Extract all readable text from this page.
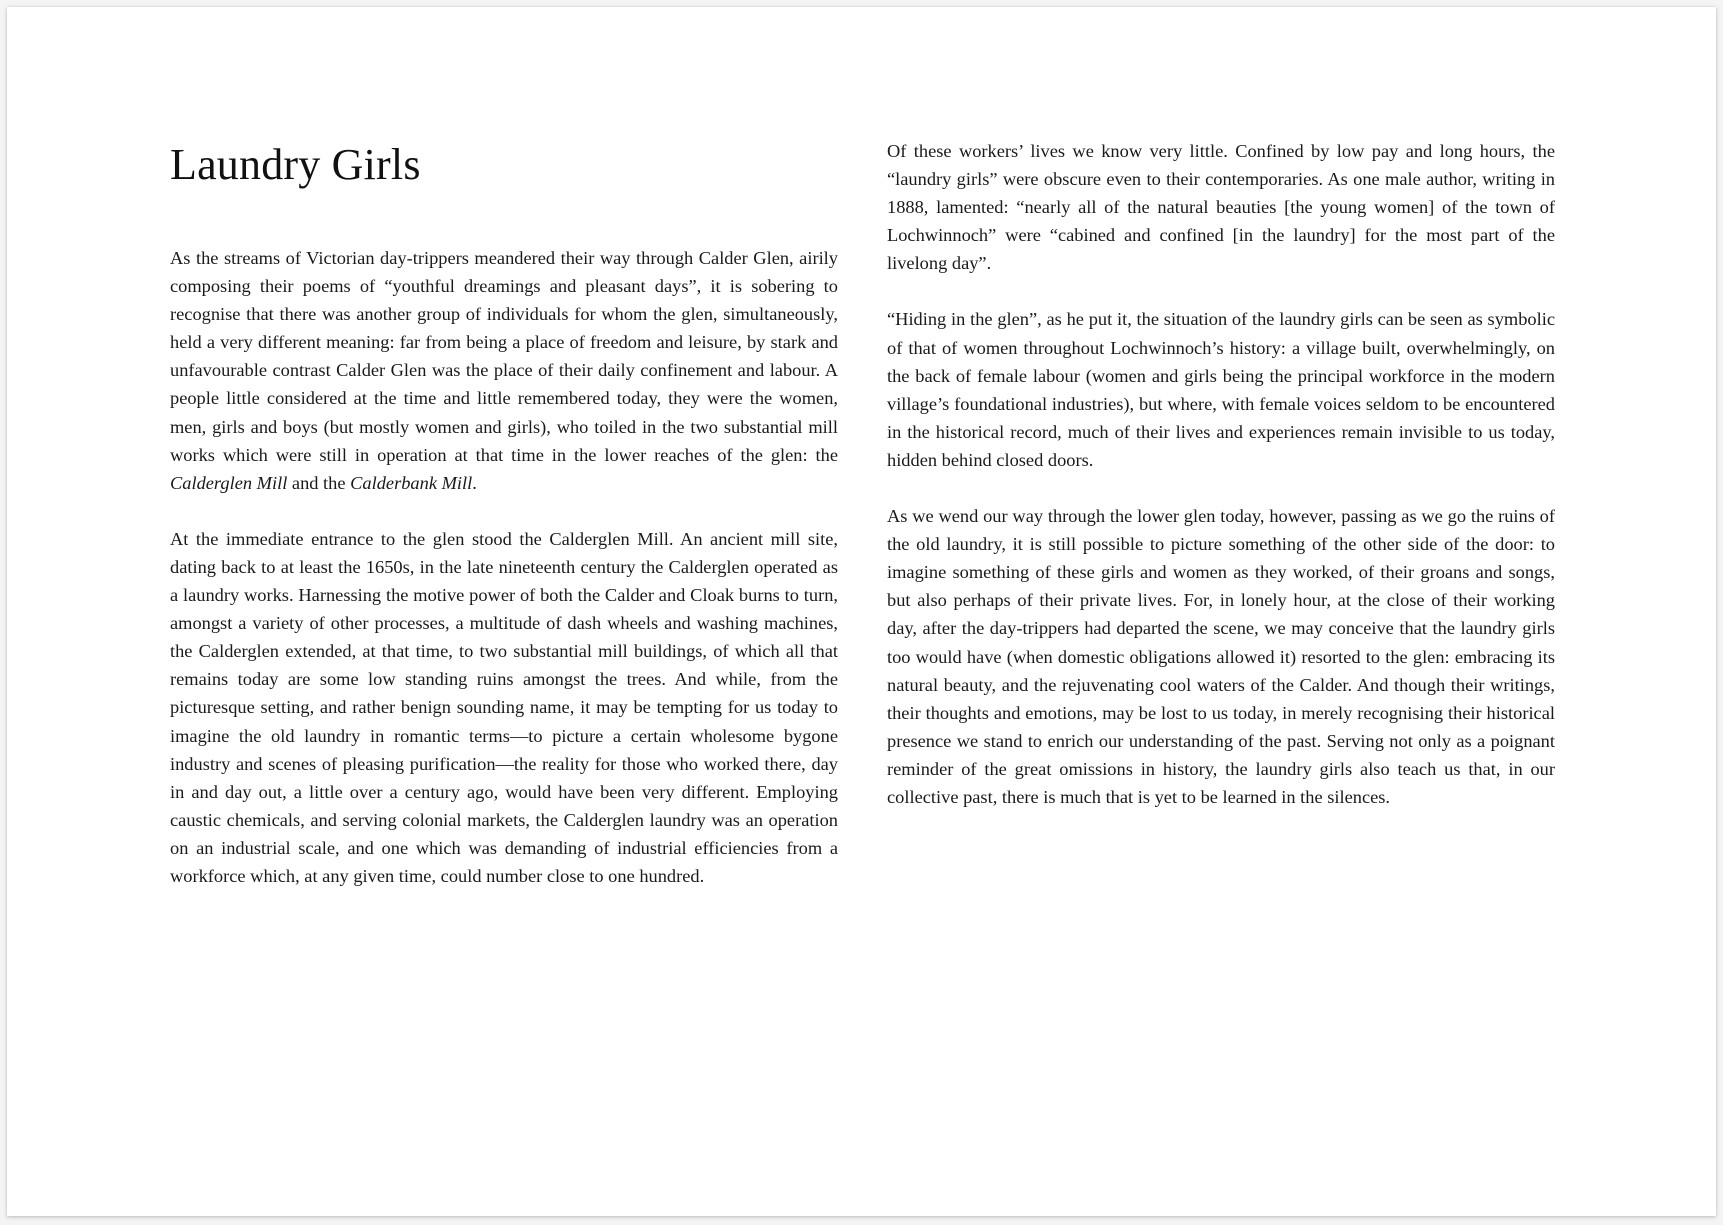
Laundry Girls

As the streams of Victorian day-trippers meandered their way through Calder Glen, airily composing their poems of “youthful dreamings and pleasant days”, it is sobering to recognise that there was another group of individuals for whom the glen, simultaneously, held a very different meaning: far from being a place of freedom and leisure, by stark and unfavourable contrast Calder Glen was the place of their daily confinement and labour. A people little considered at the time and little remembered today, they were the women, men, girls and boys (but mostly women and girls), who toiled in the two substantial mill works which were still in operation at that time in the lower reaches of the glen: the Calderglen Mill and the Calderbank Mill.

At the immediate entrance to the glen stood the Calderglen Mill. An ancient mill site, dating back to at least the 1650s, in the late nineteenth century the Calderglen operated as a laundry works. Harnessing the motive power of both the Calder and Cloak burns to turn, amongst a variety of other processes, a multitude of dash wheels and washing machines, the Calderglen extended, at that time, to two substantial mill buildings, of which all that remains today are some low standing ruins amongst the trees. And while, from the picturesque setting, and rather benign sounding name, it may be tempting for us today to imagine the old laundry in romantic terms—to picture a certain wholesome bygone industry and scenes of pleasing purification—the reality for those who worked there, day in and day out, a little over a century ago, would have been very different. Employing caustic chemicals, and serving colonial markets, the Calderglen laundry was an operation on an industrial scale, and one which was demanding of industrial efficiencies from a workforce which, at any given time, could number close to one hundred.

Of these workers’ lives we know very little. Confined by low pay and long hours, the “laundry girls” were obscure even to their contemporaries. As one male author, writing in 1888, lamented: “nearly all of the natural beauties [the young women] of the town of Lochwinnoch” were “cabined and confined [in the laundry] for the most part of the livelong day”.

“Hiding in the glen”, as he put it, the situation of the laundry girls can be seen as symbolic of that of women throughout Lochwinnoch’s history: a village built, overwhelmingly, on the back of female labour (women and girls being the principal workforce in the modern village’s foundational industries), but where, with female voices seldom to be encountered in the historical record, much of their lives and experiences remain invisible to us today, hidden behind closed doors.

As we wend our way through the lower glen today, however, passing as we go the ruins of the old laundry, it is still possible to picture something of the other side of the door: to imagine something of these girls and women as they worked, of their groans and songs, but also perhaps of their private lives. For, in lonely hour, at the close of their working day, after the day-trippers had departed the scene, we may conceive that the laundry girls too would have (when domestic obligations allowed it) resorted to the glen: embracing its natural beauty, and the rejuvenating cool waters of the Calder. And though their writings, their thoughts and emotions, may be lost to us today, in merely recognising their historical presence we stand to enrich our understanding of the past. Serving not only as a poignant reminder of the great omissions in history, the laundry girls also teach us that, in our collective past, there is much that is yet to be learned in the silences.
